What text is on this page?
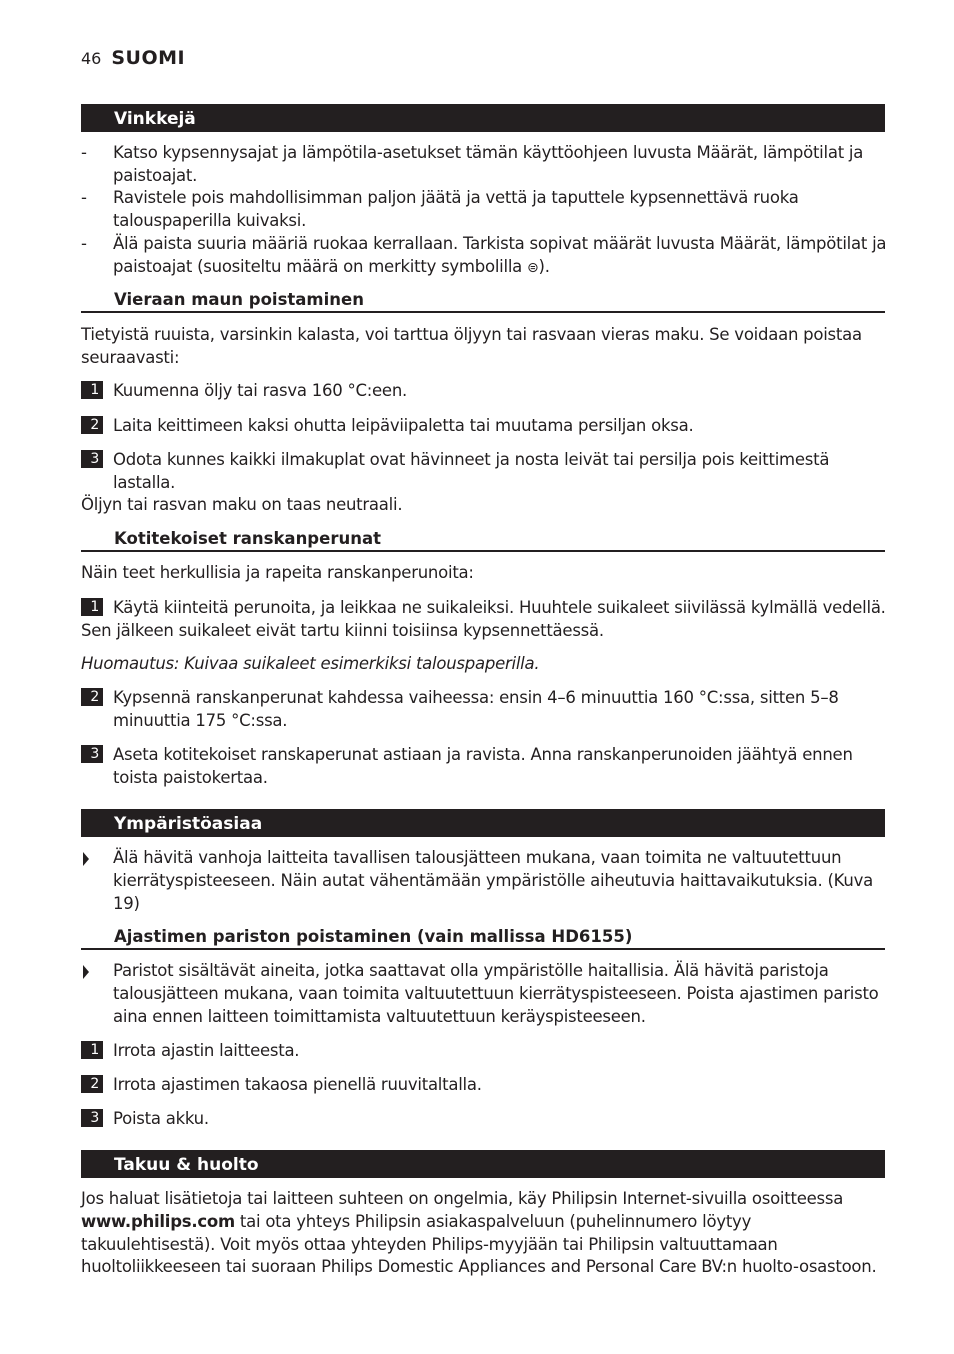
46 SUOMI
Vinkkejä
- Katso kypsennysajat ja lämpötila-asetukset tämän käyttöohjeen luvusta Määrät, lämpötilat ja paistoajat.
- Ravistele pois mahdollisimman paljon jäätä ja vettä ja taputtele kypsennettävä ruoka talouspaperilla kuivaksi.
- Älä paista suuria määriä ruokaa kerrallaan. Tarkista sopivat määrät luvusta Määrät, lämpötilat ja paistoajat (suositeltu määrä on merkitty symbolilla ⊜).
Vieraan maun poistaminen
Tietyistä ruuista, varsinkin kalasta, voi tarttua öljyyn tai rasvaan vieras maku. Se voidaan poistaa seuraavasti:
1 Kuumenna öljy tai rasva 160 °C:een.
2 Laita keittimeen kaksi ohutta leipäviipaletta tai muutama persiljan oksa.
3 Odota kunnes kaikki ilmakuplat ovat hävinneet ja nosta leivät tai persilja pois keittimestä lastalla.
Öljyn tai rasvan maku on taas neutraali.
Kotitekoiset ranskanperunat
Näin teet herkullisia ja rapeita ranskanperunoita:
1 Käytä kiinteitä perunoita, ja leikkaa ne suikaleiksi. Huuhtele suikaleet siivilässä kylmällä vedellä. Sen jälkeen suikaleet eivät tartu kiinni toisiinsa kypsennettäessä.
Huomautus: Kuivaa suikaleet esimerkiksi talouspaperilla.
2 Kypsennä ranskanperunat kahdessa vaiheessa: ensin 4–6 minuuttia 160 °C:ssa, sitten 5–8 minuuttia 175 °C:ssa.
3 Aseta kotitekoiset ranskaperunat astiaan ja ravista. Anna ranskanperunoiden jäähtyä ennen toista paistokertaa.
Ympäristöasiaa
Älä hävitä vanhoja laitteita tavallisen talousjätteen mukana, vaan toimita ne valtuutettuun kierrätyspisteeseen. Näin autat vähentämään ympäristölle aiheutuvia haittavaikutuksia. (Kuva 19)
Ajastimen pariston poistaminen (vain mallissa HD6155)
Paristot sisältävät aineita, jotka saattavat olla ympäristölle haitallisia. Älä hävitä paristoja talousjätteen mukana, vaan toimita valtuutettuun kierrätyspisteeseen. Poista ajastimen paristo aina ennen laitteen toimittamista valtuutettuun keräyspisteeseen.
1 Irrota ajastin laitteesta.
2 Irrota ajastimen takaosa pienellä ruuvitaltalla.
3 Poista akku.
Takuu & huolto
Jos haluat lisätietoja tai laitteen suhteen on ongelmia, käy Philipsin Internet-sivuilla osoitteessa www.philips.com tai ota yhteys Philipsin asiakaspalveluun (puhelinnumero löytyy takuulehtisestä). Voit myös ottaa yhteyden Philips-myyjään tai Philipsin valtuuttamaan huoltoliikkeeseen tai suoraan Philips Domestic Appliances and Personal Care BV:n huolto-osastoon.
